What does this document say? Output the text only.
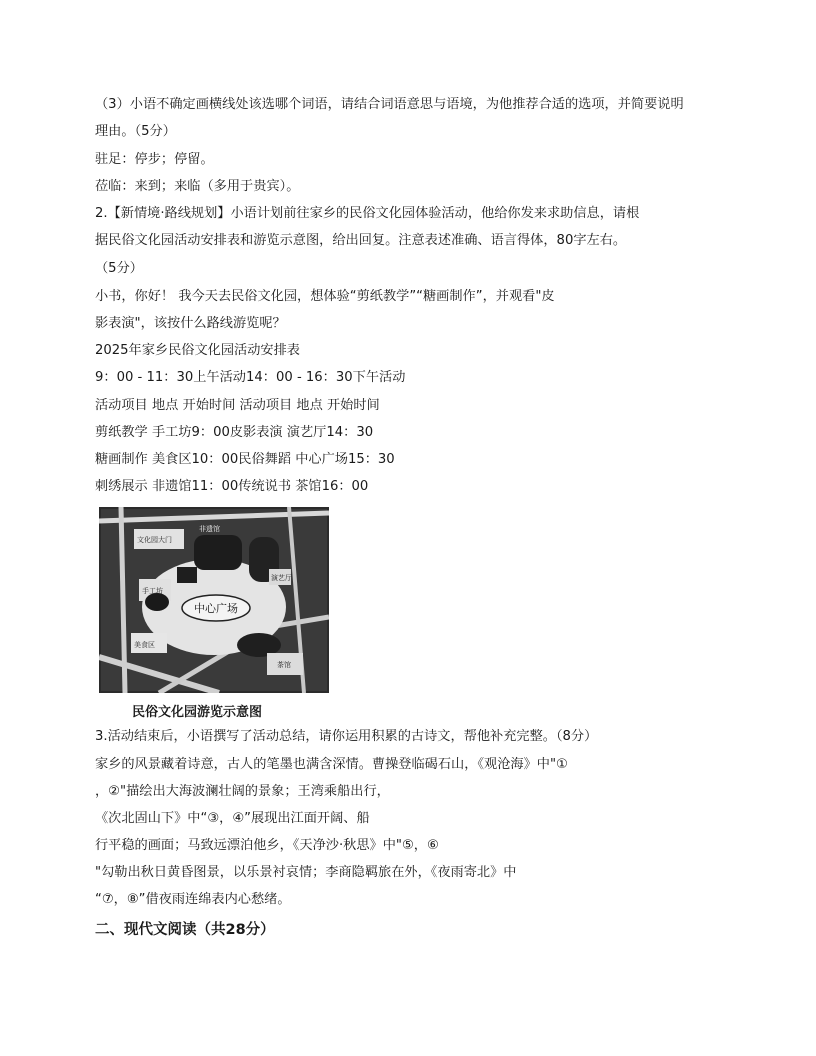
（3）小语不确定画横线处该选哪个词语，请结合词语意思与语境，为他推荐合适的选项，并简要说明
理由。（5分）
驻足：停步；停留。
莅临：来到；来临（多用于贵宾）。
2.【新情境·路线规划】小语计划前往家乡的民俗文化园体验活动，他给你发来求助信息，请根
据民俗文化园活动安排表和游览示意图，给出回复。注意表述准确、语言得体，80字左右。
（5分）
小书，你好！ 我今天去民俗文化园，想体验“剪纸教学”“糖画制作”，并观看"皮
影表演"，该按什么路线游览呢？
2025年家乡民俗文化园活动安排表
9：00 - 11：30上午活动14：00 - 16：30下午活动
活动项目 地点 开始时间 活动项目 地点 开始时间
剪纸教学 手工坊9：00皮影表演 演艺厅14：30
糖画制作 美食区10：00民俗舞蹈 中心广场15：30
刺绣展示 非遗馆11：00传统说书 茶馆16：00
文化园大门
非遗馆
中心广场
演艺厅
手工坊
美食区
茶馆
民俗文化园游览示意图
3.活动结束后，小语撰写了活动总结，请你运用积累的古诗文，帮他补充完整。（8分）
家乡的风景藏着诗意，古人的笔墨也满含深情。曹操登临碣石山，《观沧海》中"①
，②"描绘出大海波澜壮阔的景象；王湾乘船出行，
《次北固山下》中“③，④”展现出江面开阔、船
行平稳的画面；马致远漂泊他乡，《天净沙·秋思》中"⑤，⑥
"勾勒出秋日黄昏图景，以乐景衬哀情；李商隐羁旅在外，《夜雨寄北》中
“⑦，⑧”借夜雨连绵表内心愁绪。
二、现代文阅读（共28分）
